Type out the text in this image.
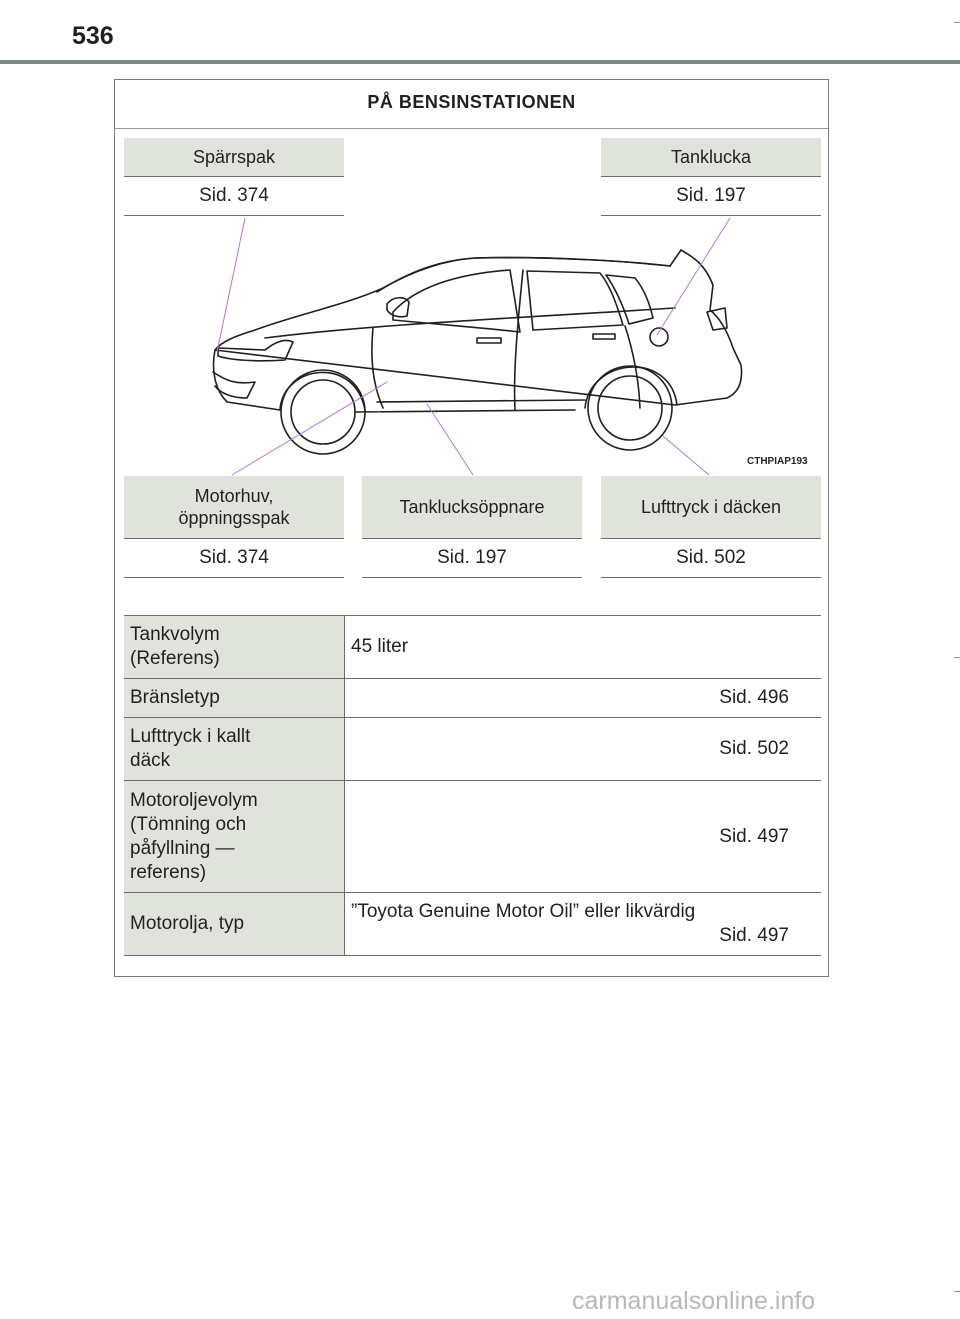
536
PÅ BENSINSTATIONEN
Spärrspak
Sid. 374
Tanklucka
Sid. 197
CTHPIAP193
Motorhuv,
öppningsspak
Sid. 374
Tanklucksöppnare
Sid. 197
Lufttryck i däcken
Sid. 502
Tankvolym
(Referens)	45 liter
Bränsletyp	Sid. 496
Lufttryck i kallt
däck	Sid. 502
Motoroljevolym
(Tömning och
påfyllning —
referens)	Sid. 497
Motorolja, typ	”Toyota Genuine Motor Oil” eller likvärdig
Sid. 497
carmanualsonline.info
